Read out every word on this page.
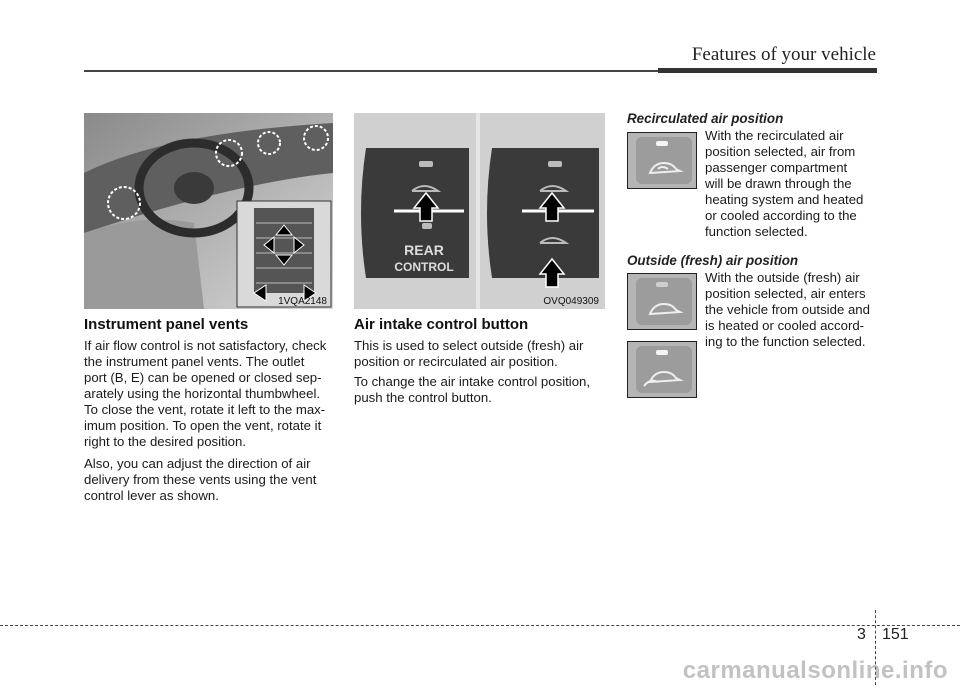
Features of your vehicle
1VQA2148
REAR
CONTROL
OVQ049309
Instrument panel vents
If air flow control is not satisfactory, check
the instrument panel vents. The outlet
port (B, E) can be opened or closed sep-
arately using the horizontal thumbwheel.
To close the vent, rotate it left to the max-
imum position. To open the vent, rotate it
right to the desired position.
Also, you can adjust the direction of air
delivery from these vents using the vent
control lever as shown.
Air intake control button
This is used to select outside (fresh) air
position or recirculated air position.
To change the air intake control position,
push the control button.
Recirculated air position
With the recirculated air
position selected, air from
passenger compartment
will be drawn through the
heating system and heated
or cooled according to the
function selected.
Outside (fresh) air position
With the outside (fresh) air
position selected, air enters
the vehicle from outside and
is heated or cooled accord-
ing to the function selected.
3 151
carmanualsonline.info
